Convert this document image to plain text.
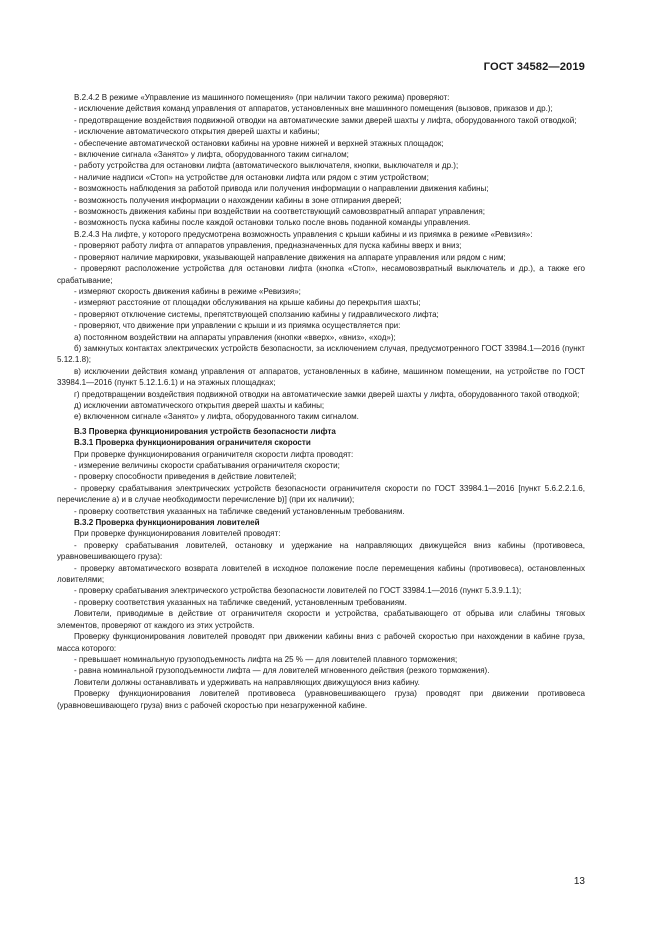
ГОСТ 34582—2019

В.2.4.2 В режиме «Управление из машинного помещения» (при наличии такого режима) проверяют:

- исключение действия команд управления от аппаратов, установленных вне машинного помещения (вызовов, приказов и др.);

- предотвращение воздействия подвижной отводки на автоматические замки дверей шахты у лифта, оборудованного такой отводкой;

- исключение автоматического открытия дверей шахты и кабины;

- обеспечение автоматической остановки кабины на уровне нижней и верхней этажных площадок;

- включение сигнала «Занято» у лифта, оборудованного таким сигналом;

- работу устройства для остановки лифта (автоматического выключателя, кнопки, выключателя и др.);

- наличие надписи «Стоп» на устройстве для остановки лифта или рядом с этим устройством;

- возможность наблюдения за работой привода или получения информации о направлении движения кабины;

- возможность получения информации о нахождении кабины в зоне отпирания дверей;

- возможность движения кабины при воздействии на соответствующий самовозвратный аппарат управления;

- возможность пуска кабины после каждой остановки только после вновь поданной команды управления.

В.2.4.3 На лифте, у которого предусмотрена возможность управления с крыши кабины и из приямка в режиме «Ревизия»:

- проверяют работу лифта от аппаратов управления, предназначенных для пуска кабины вверх и вниз;

- проверяют наличие маркировки, указывающей направление движения на аппарате управления или рядом с ним;

- проверяют расположение устройства для остановки лифта (кнопка «Стоп», несамовозвратный выключатель и др.), а также его срабатывание;

- измеряют скорость движения кабины в режиме «Ревизия»;

- измеряют расстояние от площадки обслуживания на крыше кабины до перекрытия шахты;

- проверяют отключение системы, препятствующей сползанию кабины у гидравлического лифта;

- проверяют, что движение при управлении с крыши и из приямка осуществляется при:

а) постоянном воздействии на аппараты управления (кнопки «вверх», «вниз», «ход»);

б) замкнутых контактах электрических устройств безопасности, за исключением случая, предусмотренного ГОСТ 33984.1—2016 (пункт 5.12.1.8);

в) исключении действия команд управления от аппаратов, установленных в кабине, машинном помещении, на устройстве по ГОСТ 33984.1—2016 (пункт 5.12.1.6.1) и на этажных площадках;

г) предотвращении воздействия подвижной отводки на автоматические замки дверей шахты у лифта, оборудованного такой отводкой;

д) исключении автоматического открытия дверей шахты и кабины;

е) включенном сигнале «Занято» у лифта, оборудованного таким сигналом.

В.3 Проверка функционирования устройств безопасности лифта

В.3.1 Проверка функционирования ограничителя скорости

При проверке функционирования ограничителя скорости лифта проводят:

- измерение величины скорости срабатывания ограничителя скорости;

- проверку способности приведения в действие ловителей;

- проверку срабатывания электрических устройств безопасности ограничителя скорости по ГОСТ 33984.1—2016 [пункт 5.6.2.2.1.6, перечисление а) и в случае необходимости перечисление b)] (при их наличии);

- проверку соответствия указанных на табличке сведений установленным требованиям.

В.3.2 Проверка функционирования ловителей

При проверке функционирования ловителей проводят:

- проверку срабатывания ловителей, остановку и удержание на направляющих движущейся вниз кабины (противовеса, уравновешивающего груза):

- проверку автоматического возврата ловителей в исходное положение после перемещения кабины (противовеса), остановленных ловителями;

- проверку срабатывания электрического устройства безопасности ловителей по ГОСТ 33984.1—2016 (пункт 5.3.9.1.1);

- проверку соответствия указанных на табличке сведений, установленным требованиям.

Ловители, приводимые в действие от ограничителя скорости и устройства, срабатывающего от обрыва или слабины тяговых элементов, проверяют от каждого из этих устройств.

Проверку функционирования ловителей проводят при движении кабины вниз с рабочей скоростью при нахождении в кабине груза, масса которого:

- превышает номинальную грузоподъемность лифта на 25 % — для ловителей плавного торможения;

- равна номинальной грузоподъемности лифта — для ловителей мгновенного действия (резкого торможения).

Ловители должны останавливать и удерживать на направляющих движущуюся вниз кабину.

Проверку функционирования ловителей противовеса (уравновешивающего груза) проводят при движении противовеса (уравновешивающего груза) вниз с рабочей скоростью при незагруженной кабине.

13
